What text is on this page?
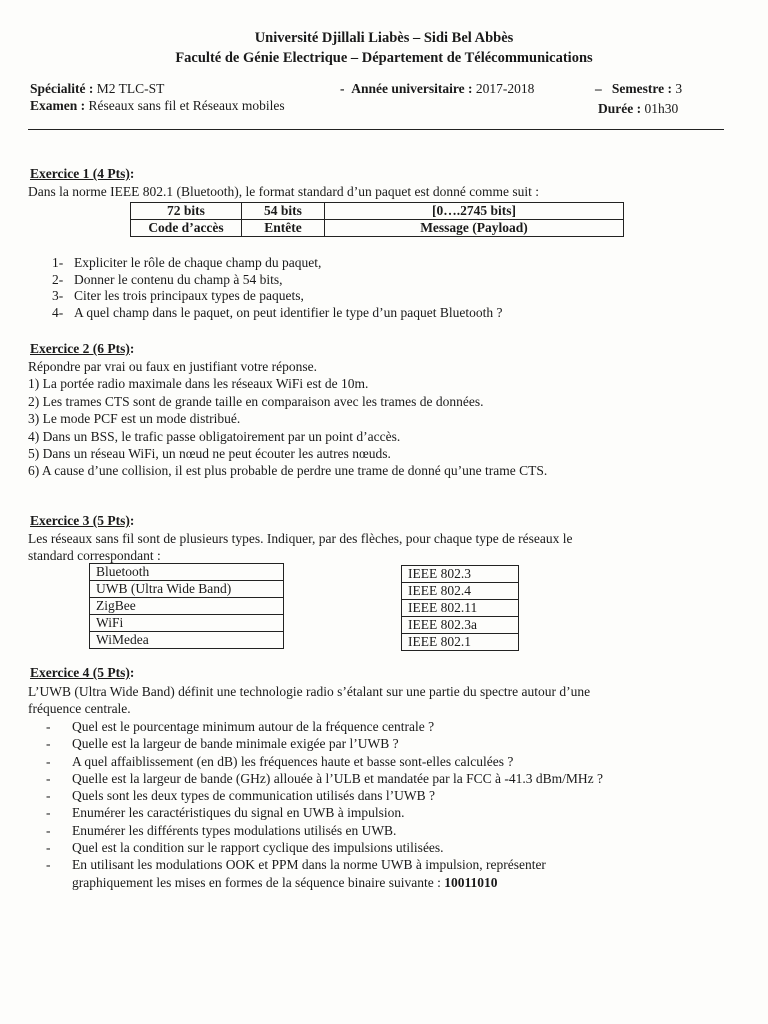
Université Djillali Liabès – Sidi Bel Abbès
Faculté de Génie Electrique – Département de Télécommunications
Spécialité : M2 TLC-ST	- Année universitaire : 2017-2018	– Semestre : 3
Examen : Réseaux sans fil et Réseaux mobiles	Durée : 01h30
Exercice 1 (4 Pts):
Dans la norme IEEE 802.1 (Bluetooth), le format standard d’un paquet est donné comme suit :
72 bits	54 bits	[0….2745 bits]
Code d’accès	Entête	Message (Payload)
1- Expliciter le rôle de chaque champ du paquet,
2- Donner le contenu du champ à 54 bits,
3- Citer les trois principaux types de paquets,
4- A quel champ dans le paquet, on peut identifier le type d’un paquet Bluetooth ?
Exercice 2 (6 Pts):
Répondre par vrai ou faux en justifiant votre réponse.
1) La portée radio maximale dans les réseaux WiFi est de 10m.
2) Les trames CTS sont de grande taille en comparaison avec les trames de données.
3) Le mode PCF est un mode distribué.
4) Dans un BSS, le trafic passe obligatoirement par un point d’accès.
5) Dans un réseau WiFi, un nœud ne peut écouter les autres nœuds.
6) A cause d’une collision, il est plus probable de perdre une trame de donné qu’une trame CTS.
Exercice 3 (5 Pts):
Les réseaux sans fil sont de plusieurs types. Indiquer, par des flèches, pour chaque type de réseaux le
standard correspondant :
Bluetooth
UWB (Ultra Wide Band)
ZigBee
WiFi
WiMedea
IEEE 802.3
IEEE 802.4
IEEE 802.11
IEEE 802.3a
IEEE 802.1
Exercice 4 (5 Pts):
L’UWB (Ultra Wide Band) définit une technologie radio s’étalant sur une partie du spectre autour d’une
fréquence centrale.
- Quel est le pourcentage minimum autour de la fréquence centrale ?
- Quelle est la largeur de bande minimale exigée par l’UWB ?
- A quel affaiblissement (en dB) les fréquences haute et basse sont-elles calculées ?
- Quelle est la largeur de bande (GHz) allouée à l’ULB et mandatée par la FCC à -41.3 dBm/MHz ?
- Quels sont les deux types de communication utilisés dans l’UWB ?
- Enumérer les caractéristiques du signal en UWB à impulsion.
- Enumérer les différents types modulations utilisés en UWB.
- Quel est la condition sur le rapport cyclique des impulsions utilisées.
- En utilisant les modulations OOK et PPM dans la norme UWB à impulsion, représenter
graphiquement les mises en formes de la séquence binaire suivante : 10011010
